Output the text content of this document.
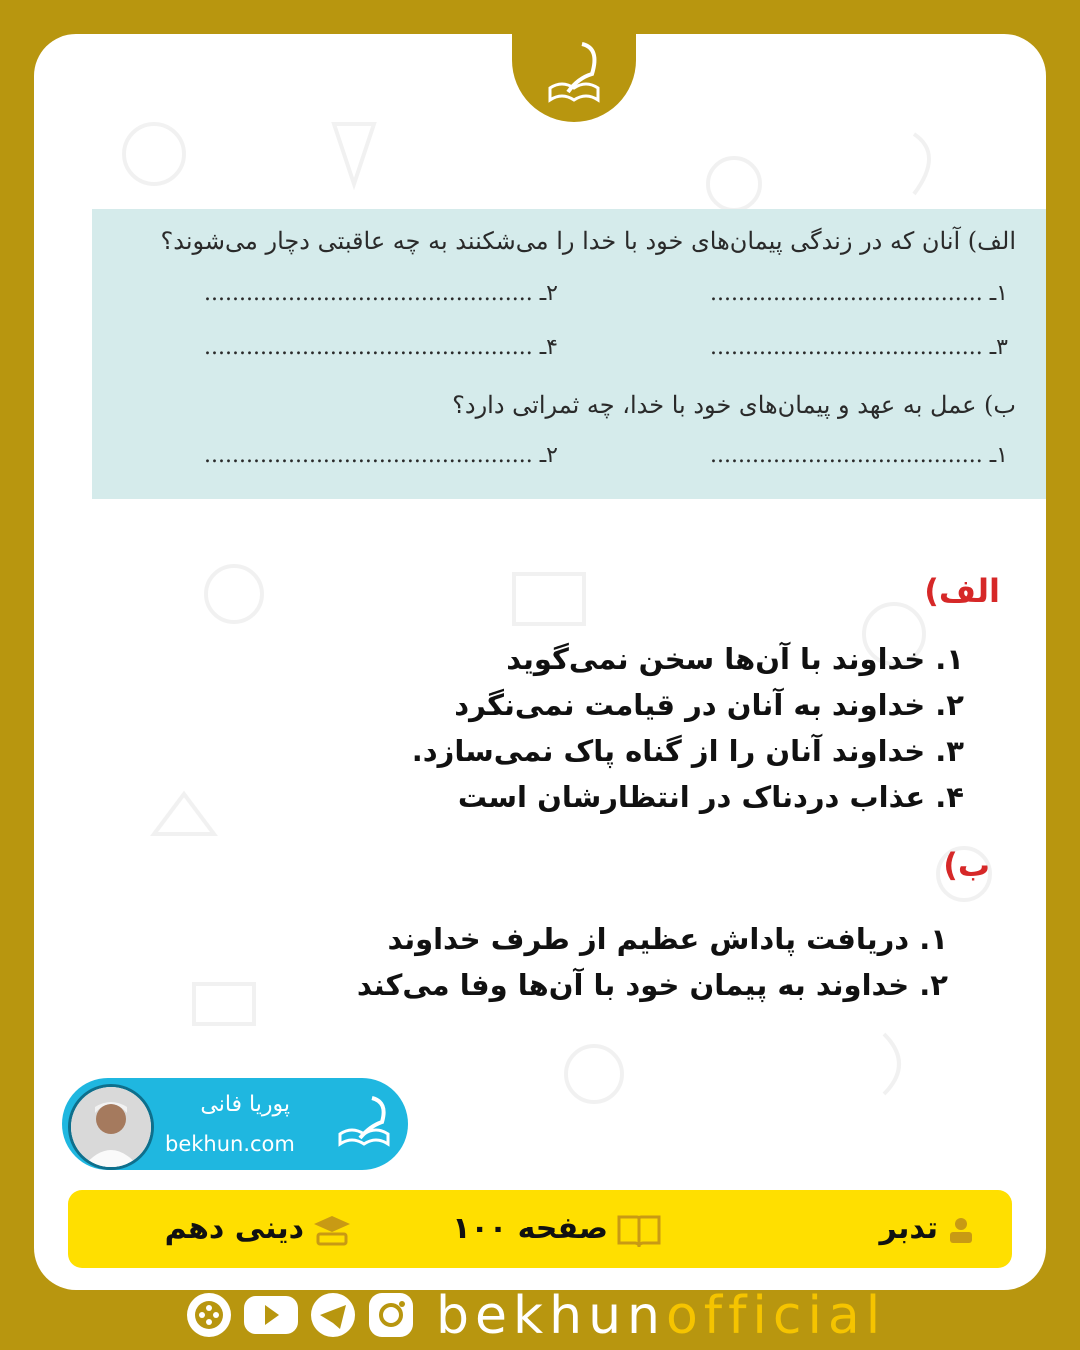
الف) آنان که در زندگی پیمان‌های خود با خدا را می‌شکنند به چه عاقبتی دچار می‌شوند؟
۱ـ .......................................
۲ـ ...............................................
۳ـ .......................................
۴ـ ...............................................
ب) عمل به عهد و پیمان‌های خود با خدا، چه ثمراتی دارد؟
۱ـ .......................................
۲ـ ...............................................
الف)
۱. خداوند با آن‌ها سخن نمی‌گوید
۲. خداوند به آنان در قیامت نمی‌نگرد
۳. خداوند آنان را از گناه پاک نمی‌سازد.
۴. عذاب دردناک در انتظارشان است
ب)
۱. دریافت پاداش عظیم از طرف خداوند
۲. خداوند به پیمان خود با آن‌ها وفا می‌کند
پوریا فانی
bekhun.com
تدبر
صفحه ۱۰۰
دینی دهم
bekhunofficial
